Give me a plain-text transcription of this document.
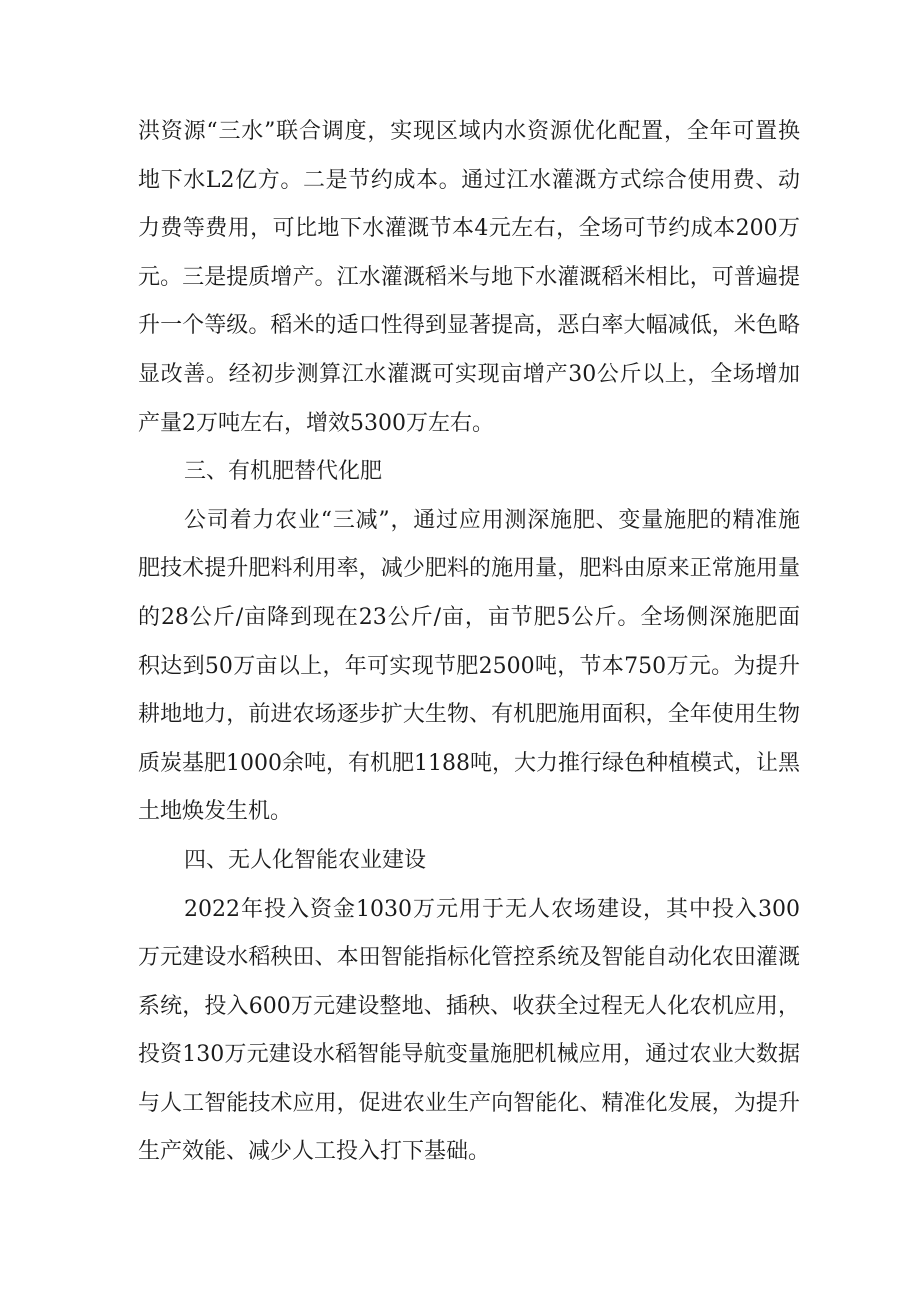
洪资源“三水”联合调度，实现区域内水资源优化配置，全年可置换
地下水L2亿方。二是节约成本。通过江水灌溉方式综合使用费、动
力费等费用，可比地下水灌溉节本4元左右，全场可节约成本200万
元。三是提质增产。江水灌溉稻米与地下水灌溉稻米相比，可普遍提
升一个等级。稻米的适口性得到显著提高，恶白率大幅减低，米色略
显改善。经初步测算江水灌溉可实现亩增产30公斤以上，全场增加
产量2万吨左右，增效5300万左右。
三、有机肥替代化肥
公司着力农业“三减”，通过应用测深施肥、变量施肥的精准施
肥技术提升肥料利用率，减少肥料的施用量，肥料由原来正常施用量
的28公斤/亩降到现在23公斤/亩，亩节肥5公斤。全场侧深施肥面
积达到50万亩以上，年可实现节肥2500吨，节本750万元。为提升
耕地地力，前进农场逐步扩大生物、有机肥施用面积，全年使用生物
质炭基肥1000余吨，有机肥1188吨，大力推行绿色种植模式，让黑
土地焕发生机。
四、无人化智能农业建设
2022年投入资金1030万元用于无人农场建设，其中投入300
万元建设水稻秧田、本田智能指标化管控系统及智能自动化农田灌溉
系统，投入600万元建设整地、插秧、收获全过程无人化农机应用，
投资130万元建设水稻智能导航变量施肥机械应用，通过农业大数据
与人工智能技术应用，促进农业生产向智能化、精准化发展，为提升
生产效能、减少人工投入打下基础。
